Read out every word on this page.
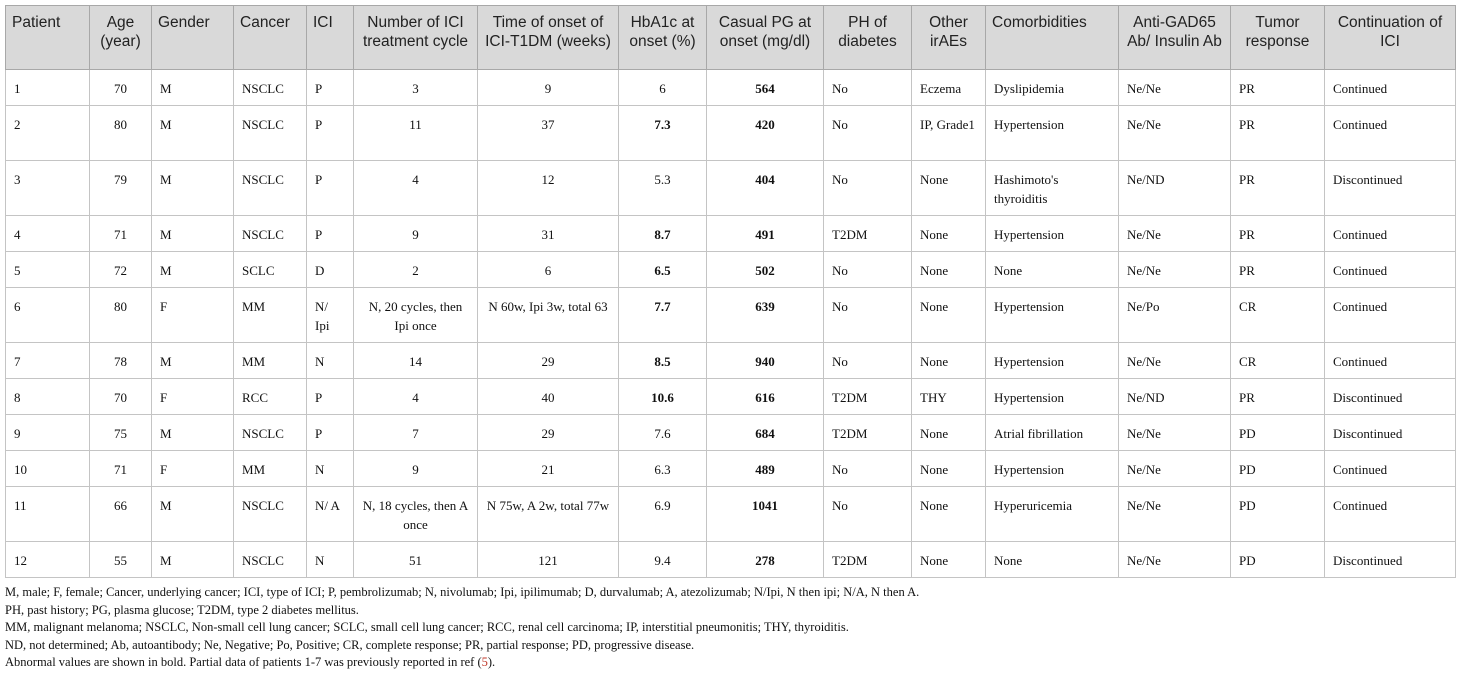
Patient	Age (year)	Gender	Cancer	ICI	Number of ICI treatment cycle	Time of onset of ICI-T1DM (weeks)	HbA1c at onset (%)	Casual PG at onset (mg/dl)	PH of diabetes	Other irAEs	Comorbidities	Anti-GAD65 Ab/ Insulin Ab	Tumor response	Continuation of ICI
1	70	M	NSCLC	P	3	9	6	564	No	Eczema	Dyslipidemia	Ne/Ne	PR	Continued
2	80	M	NSCLC	P	11	37	7.3	420	No	IP, Grade1	Hypertension	Ne/Ne	PR	Continued
3	79	M	NSCLC	P	4	12	5.3	404	No	None	Hashimoto's thyroiditis	Ne/ND	PR	Discontinued
4	71	M	NSCLC	P	9	31	8.7	491	T2DM	None	Hypertension	Ne/Ne	PR	Continued
5	72	M	SCLC	D	2	6	6.5	502	No	None	None	Ne/Ne	PR	Continued
6	80	F	MM	N/ Ipi	N, 20 cycles, then Ipi once	N 60w, Ipi 3w, total 63	7.7	639	No	None	Hypertension	Ne/Po	CR	Continued
7	78	M	MM	N	14	29	8.5	940	No	None	Hypertension	Ne/Ne	CR	Continued
8	70	F	RCC	P	4	40	10.6	616	T2DM	THY	Hypertension	Ne/ND	PR	Discontinued
9	75	M	NSCLC	P	7	29	7.6	684	T2DM	None	Atrial fibrillation	Ne/Ne	PD	Discontinued
10	71	F	MM	N	9	21	6.3	489	No	None	Hypertension	Ne/Ne	PD	Continued
11	66	M	NSCLC	N/ A	N, 18 cycles, then A once	N 75w, A 2w, total 77w	6.9	1041	No	None	Hyperuricemia	Ne/Ne	PD	Continued
12	55	M	NSCLC	N	51	121	9.4	278	T2DM	None	None	Ne/Ne	PD	Discontinued
M, male; F, female; Cancer, underlying cancer; ICI, type of ICI; P, pembrolizumab; N, nivolumab; Ipi, ipilimumab; D, durvalumab; A, atezolizumab; N/Ipi, N then ipi; N/A, N then A.
PH, past history; PG, plasma glucose; T2DM, type 2 diabetes mellitus.
MM, malignant melanoma; NSCLC, Non-small cell lung cancer; SCLC, small cell lung cancer; RCC, renal cell carcinoma; IP, interstitial pneumonitis; THY, thyroiditis.
ND, not determined; Ab, autoantibody; Ne, Negative; Po, Positive; CR, complete response; PR, partial response; PD, progressive disease.
Abnormal values are shown in bold. Partial data of patients 1-7 was previously reported in ref (5).
